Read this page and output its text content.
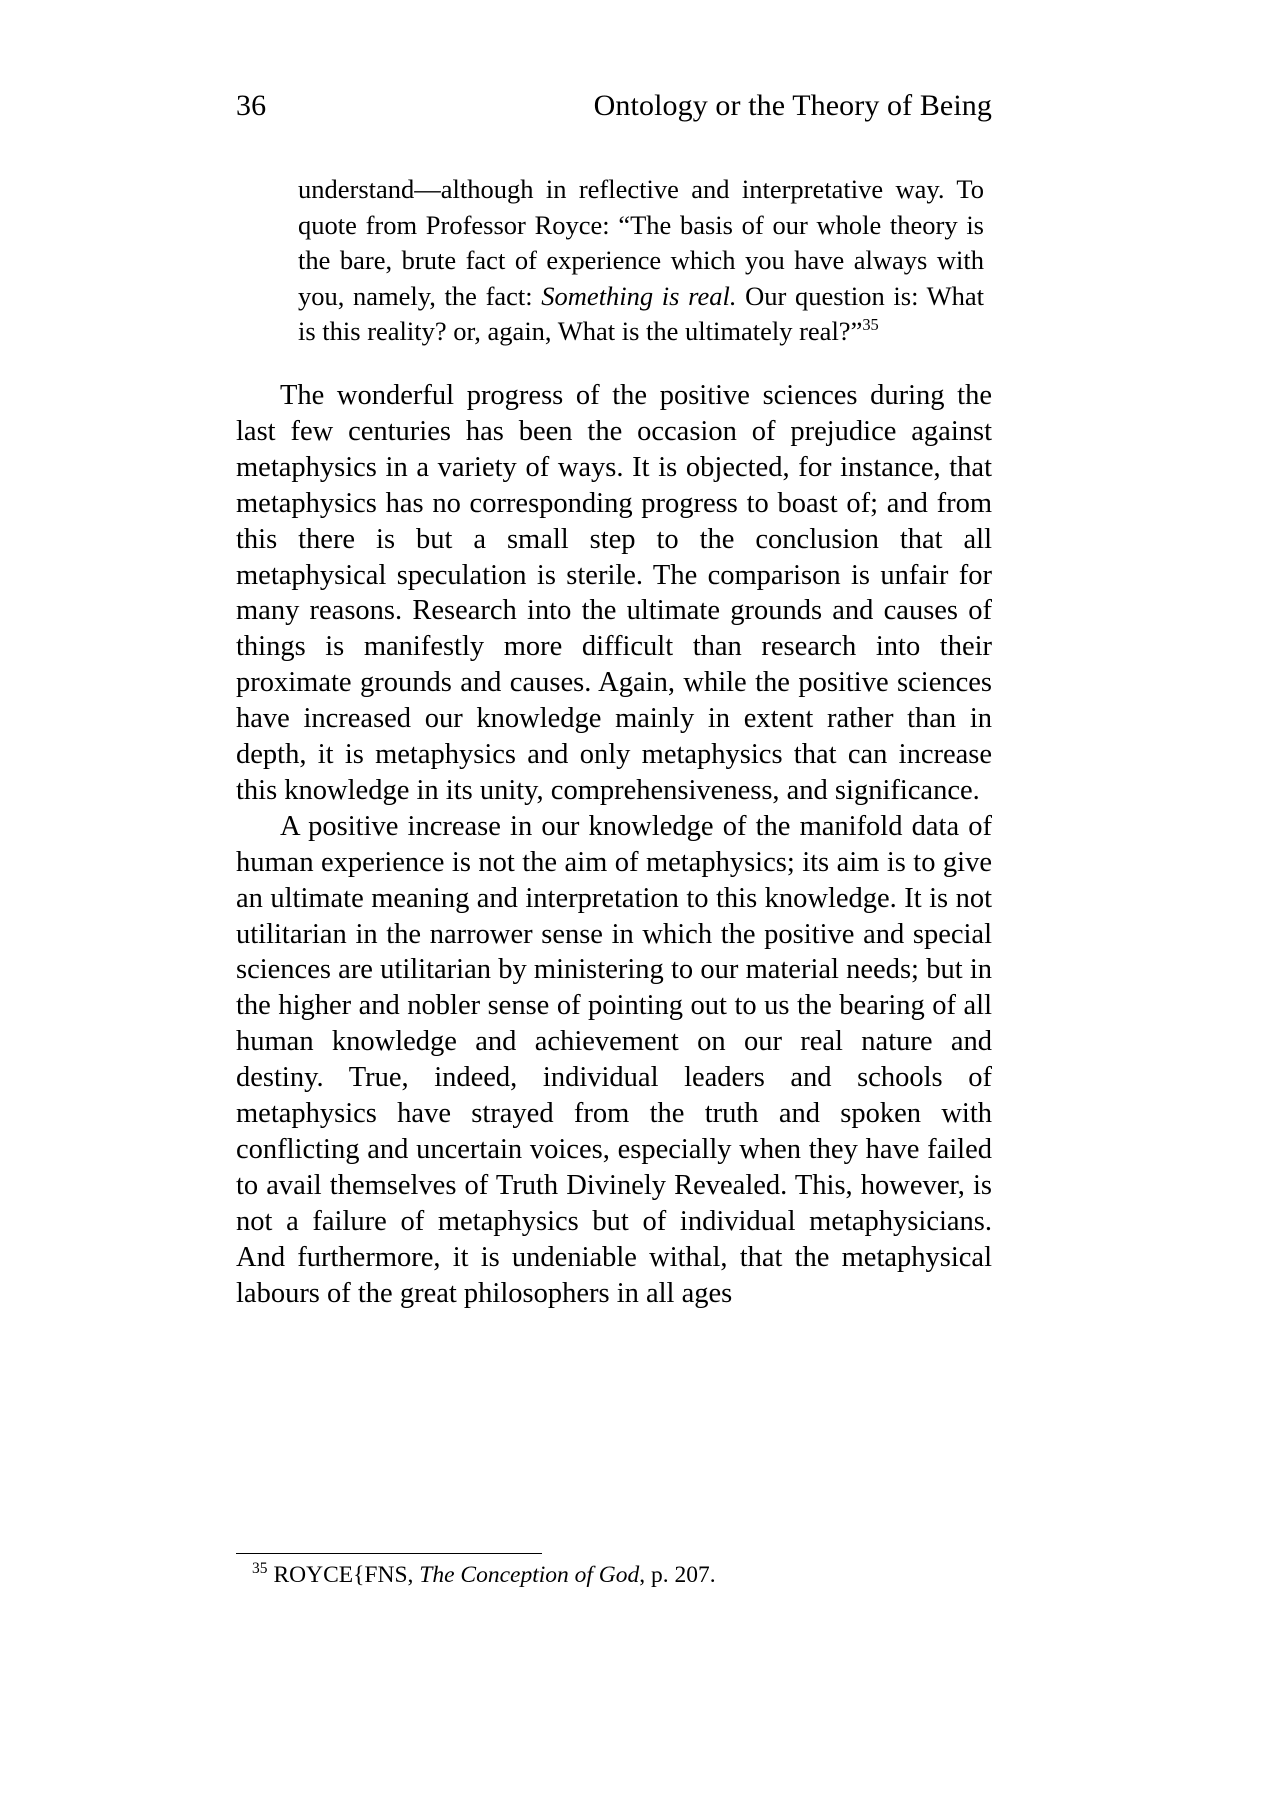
36	Ontology or the Theory of Being

understand—although in reflective and interpretative way. To quote from Professor Royce: “The basis of our whole theory is the bare, brute fact of experience which you have always with you, namely, the fact: Something is real. Our question is: What is this reality? or, again, What is the ultimately real?”$^{35}$

The wonderful progress of the positive sciences during the last few centuries has been the occasion of prejudice against metaphysics in a variety of ways. It is objected, for instance, that metaphysics has no corresponding progress to boast of; and from this there is but a small step to the conclusion that all metaphysical speculation is sterile. The comparison is unfair for many reasons. Research into the ultimate grounds and causes of things is manifestly more difficult than research into their proximate grounds and causes. Again, while the positive sciences have increased our knowledge mainly in extent rather than in depth, it is metaphysics and only metaphysics that can increase this knowledge in its unity, comprehensiveness, and significance.

A positive increase in our knowledge of the manifold data of human experience is not the aim of metaphysics; its aim is to give an ultimate meaning and interpretation to this knowledge. It is not utilitarian in the narrower sense in which the positive and special sciences are utilitarian by ministering to our material needs; but in the higher and nobler sense of pointing out to us the bearing of all human knowledge and achievement on our real nature and destiny. True, indeed, individual leaders and schools of metaphysics have strayed from the truth and spoken with conflicting and uncertain voices, especially when they have failed to avail themselves of Truth Divinely Revealed. This, however, is not a failure of metaphysics but of individual metaphysicians. And furthermore, it is undeniable withal, that the metaphysical labours of the great philosophers in all ages

$^{35}$ ROYCE{FNS, The Conception of God, p. 207.
